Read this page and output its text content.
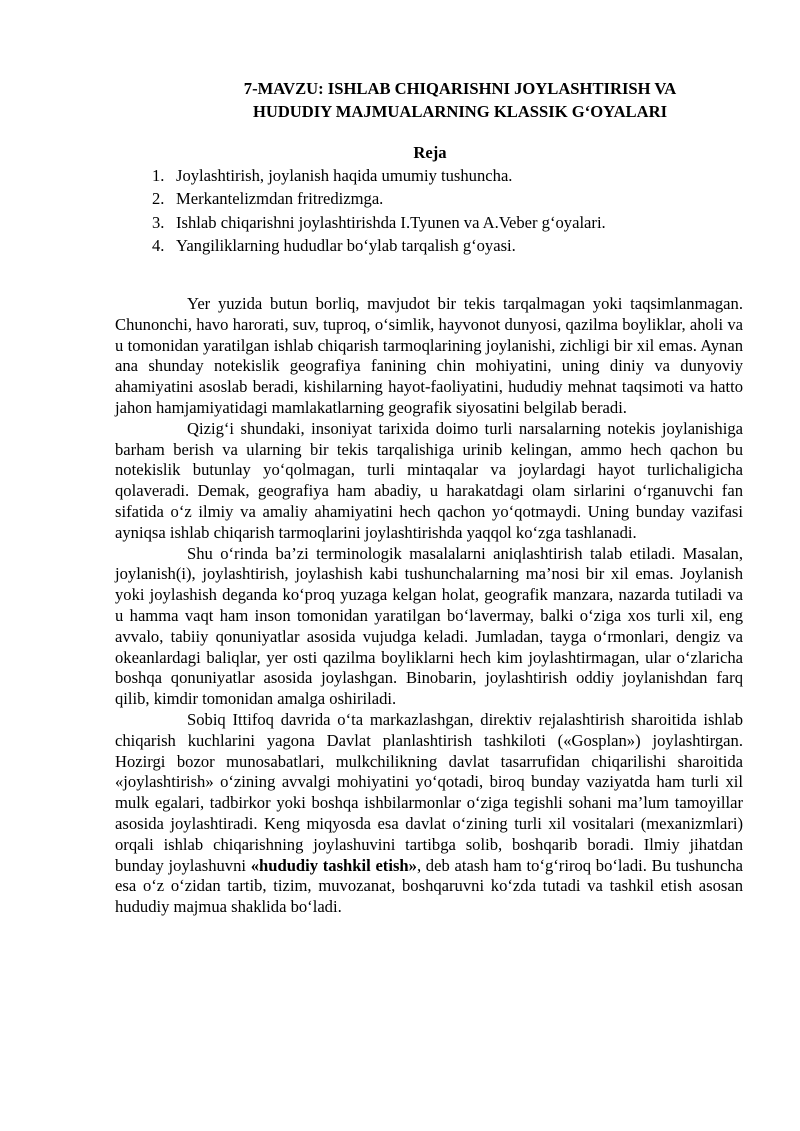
7-MAVZU: ISHLAB CHIQARISHNI JOYLASHTIRISH VA
HUDUDIY MAJMUALARNING KLASSIK G‘OYALARI
Reja
1. Joylashtirish, joylanish haqida umumiy tushuncha.
2. Merkantelizmdan fritredizmga.
3. Ishlab chiqarishni joylashtirishda I.Tyunen va A.Veber g‘oyalari.
4. Yangiliklarning hududlar bo‘ylab tarqalish g‘oyasi.

Yer yuzida butun borliq, mavjudot bir tekis tarqalmagan yoki taqsimlanmagan. Chunonchi, havo harorati, suv, tuproq, o‘simlik, hayvonot dunyosi, qazilma boyliklar, aholi va u tomonidan yaratilgan ishlab chiqarish tarmoqlarining joylanishi, zichligi bir xil emas. Aynan ana shunday notekislik geografiya fanining chin mohiyatini, uning diniy va dunyoviy ahamiyatini asoslab beradi, kishilarning hayot-faoliyatini, hududiy mehnat taqsimoti va hatto jahon hamjamiyatidagi mamlakatlarning geografik siyosatini belgilab beradi.

Qizig‘i shundaki, insoniyat tarixida doimo turli narsalarning notekis joylanishiga barham berish va ularning bir tekis tarqalishiga urinib kelingan, ammo hech qachon bu notekislik butunlay yo‘qolmagan, turli mintaqalar va joylardagi hayot turlichaligicha qolaveradi. Demak, geografiya ham abadiy, u harakatdagi olam sirlarini o‘rganuvchi fan sifatida o‘z ilmiy va amaliy ahamiyatini hech qachon yo‘qotmaydi. Uning bunday vazifasi ayniqsa ishlab chiqarish tarmoqlarini joylashtirishda yaqqol ko‘zga tashlanadi.

Shu o‘rinda ba’zi terminologik masalalarni aniqlashtirish talab etiladi. Masalan, joylanish(i), joylashtirish, joylashish kabi tushunchalarning ma’nosi bir xil emas. Joylanish yoki joylashish deganda ko‘proq yuzaga kelgan holat, geografik manzara, nazarda tutiladi va u hamma vaqt ham inson tomonidan yaratilgan bo‘lavermay, balki o‘ziga xos turli xil, eng avvalo, tabiiy qonuniyatlar asosida vujudga keladi. Jumladan, tayga o‘rmonlari, dengiz va okeanlardagi baliqlar, yer osti qazilma boyliklarni hech kim joylashtirmagan, ular o‘zlaricha boshqa qonuniyatlar asosida joylashgan. Binobarin, joylashtirish oddiy joylanishdan farq qilib, kimdir tomonidan amalga oshiriladi.

Sobiq Ittifoq davrida o‘ta markazlashgan, direktiv rejalashtirish sharoitida ishlab chiqarish kuchlarini yagona Davlat planlashtirish tashkiloti («Gosplan») joylashtirgan. Hozirgi bozor munosabatlari, mulkchilikning davlat tasarrufidan chiqarilishi sharoitida «joylashtirish» o‘zining avvalgi mohiyatini yo‘qotadi, biroq bunday vaziyatda ham turli xil mulk egalari, tadbirkor yoki boshqa ishbilarmonlar o‘ziga tegishli sohani ma’lum tamoyillar asosida joylashtiradi. Keng miqyosda esa davlat o‘zining turli xil vositalari (mexanizmlari) orqali ishlab chiqarishning joylashuvini tartibga solib, boshqarib boradi. Ilmiy jihatdan bunday joylashuvni «hududiy tashkil etish», deb atash ham to‘g‘riroq bo‘ladi. Bu tushuncha esa o‘z o‘zidan tartib, tizim, muvozanat, boshqaruvni ko‘zda tutadi va tashkil etish asosan hududiy majmua shaklida bo‘ladi.
